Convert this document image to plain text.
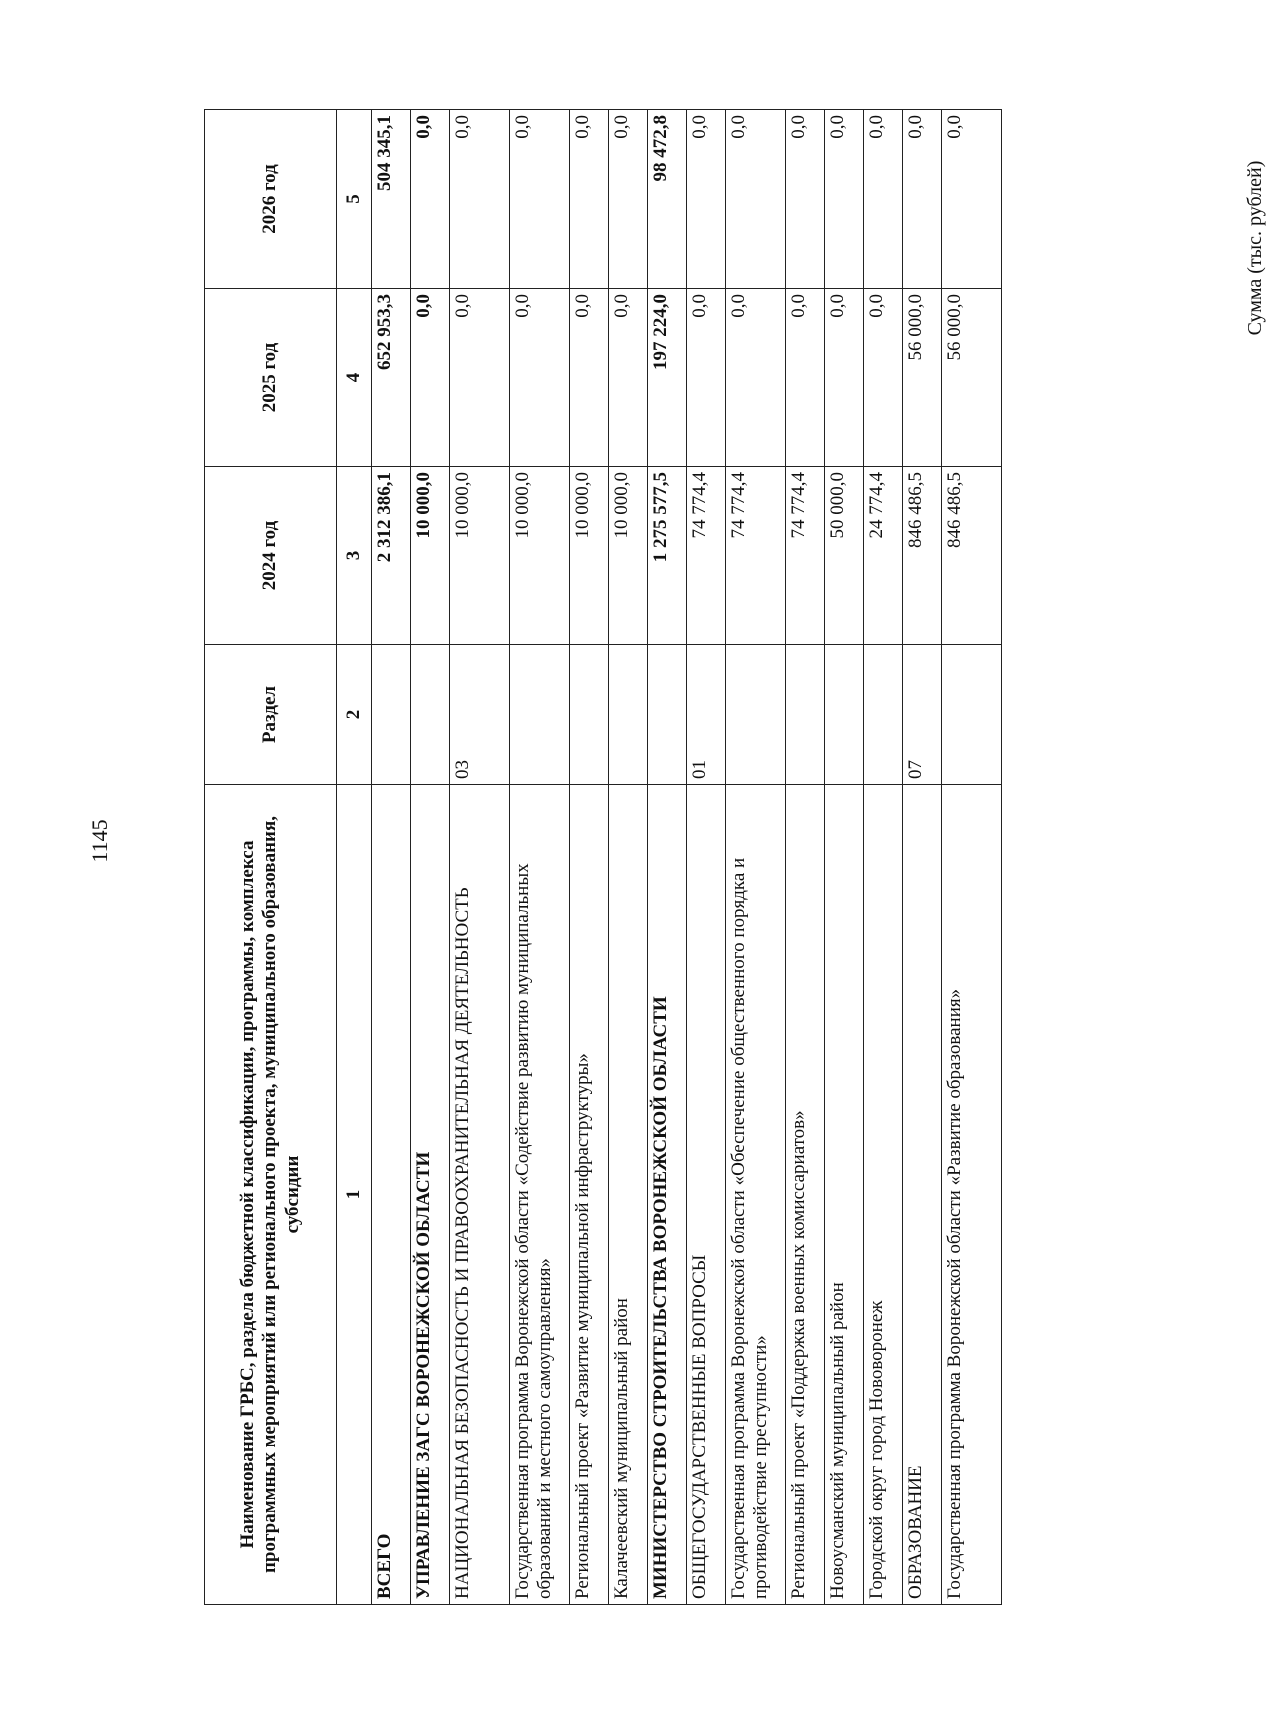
1145
Сумма (тыс. рублей)
Наименование ГРБС, раздела бюджетной классификации, программы, комплекса программных мероприятий или регионального проекта, муниципального образования, субсидии	Раздел	2024 год	2025 год	2026 год
1	2	3	4	5
ВСЕГО		2 312 386,1	652 953,3	504 345,1
УПРАВЛЕНИЕ ЗАГС ВОРОНЕЖСКОЙ ОБЛАСТИ		10 000,0	0,0	0,0
НАЦИОНАЛЬНАЯ БЕЗОПАСНОСТЬ И ПРАВООХРАНИТЕЛЬНАЯ ДЕЯТЕЛЬНОСТЬ	03	10 000,0	0,0	0,0
Государственная программа Воронежской области «Содействие развитию муниципальных образований и местного самоуправления»		10 000,0	0,0	0,0
Региональный проект «Развитие муниципальной инфраструктуры»		10 000,0	0,0	0,0
Калачеевский муниципальный район		10 000,0	0,0	0,0
МИНИСТЕРСТВО СТРОИТЕЛЬСТВА ВОРОНЕЖСКОЙ ОБЛАСТИ		1 275 577,5	197 224,0	98 472,8
ОБЩЕГОСУДАРСТВЕННЫЕ ВОПРОСЫ	01	74 774,4	0,0	0,0
Государственная программа Воронежской области «Обеспечение общественного порядка и противодействие преступности»		74 774,4	0,0	0,0
Региональный проект «Поддержка военных комиссариатов»		74 774,4	0,0	0,0
Новоусманский муниципальный район		50 000,0	0,0	0,0
Городской округ город Нововоронеж		24 774,4	0,0	0,0
ОБРАЗОВАНИЕ	07	846 486,5	56 000,0	0,0
Государственная программа Воронежской области «Развитие образования»		846 486,5	56 000,0	0,0
